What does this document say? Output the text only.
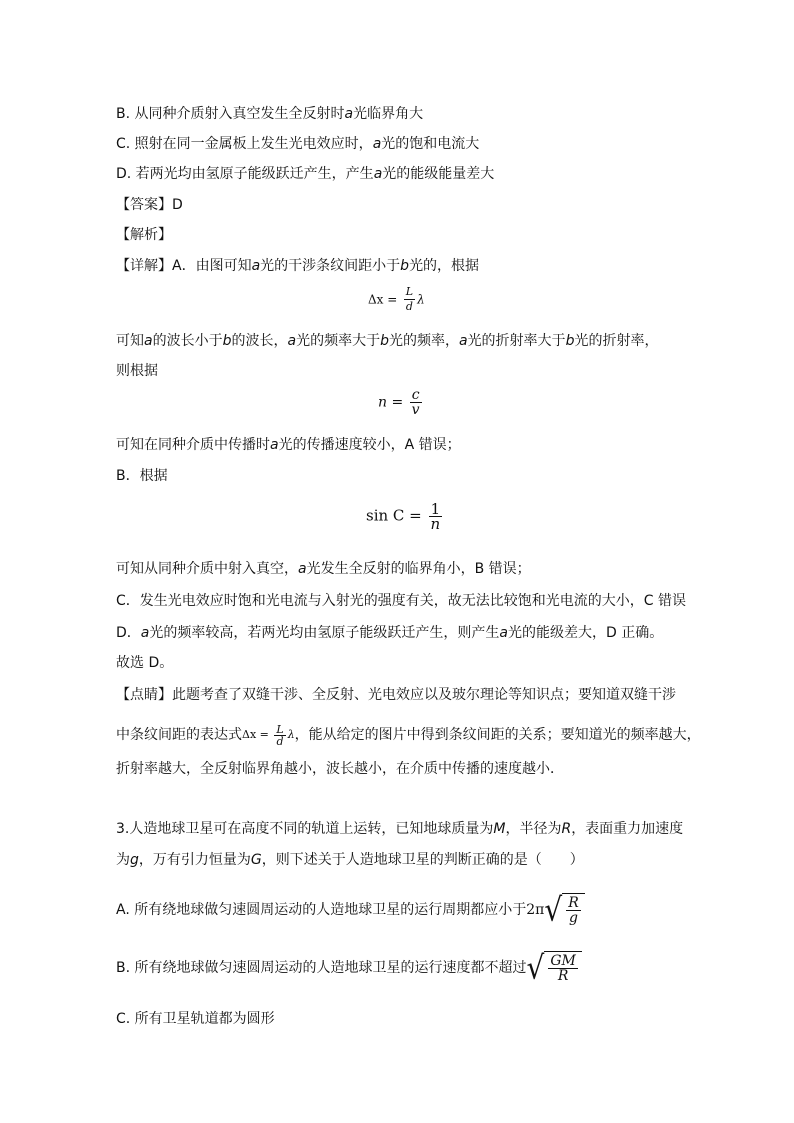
B. 从同种介质射入真空发生全反射时a光临界角大
C. 照射在同一金属板上发生光电效应时，a光的饱和电流大
D. 若两光均由氢原子能级跃迁产生，产生a光的能级能量差大
【答案】D
【解析】
【详解】A．由图可知a光的干涉条纹间距小于b光的，根据
$\Delta x = \frac{L}{d}$ λ
可知a的波长小于b的波长，a光的频率大于b光的频率，a光的折射率大于b光的折射率，
则根据
$n = \frac{c}{v}$
可知在同种介质中传播时a光的传播速度较小，A 错误；
B．根据
$\sin C = \frac{1}{n}$
可知从同种介质中射入真空，a光发生全反射的临界角小，B 错误；
C．发生光电效应时饱和光电流与入射光的强度有关，故无法比较饱和光电流的大小，C 错误
D．a光的频率较高，若两光均由氢原子能级跃迁产生，则产生a光的能级差大，D 正确。
故选 D。
【点睛】此题考查了双缝干涉、全反射、光电效应以及玻尔理论等知识点；要知道双缝干涉
中条纹间距的表达式$\Delta x = \frac{L}{d}$ λ，能从给定的图片中得到条纹间距的关系；要知道光的频率越大，
折射率越大，全反射临界角越小，波长越小，在介质中传播的速度越小．
3.人造地球卫星可在高度不同的轨道上运转，已知地球质量为M，半径为R，表面重力加速度
为g，万有引力恒量为G，则下述关于人造地球卫星的判断正确的是（　　）
A. 所有绕地球做匀速圆周运动的人造地球卫星的运行周期都应小于 2π √ $\frac{R}{g}$
B. 所有绕地球做匀速圆周运动的人造地球卫星的运行速度都不超过 √ $\frac{GM}{R}$
C. 所有卫星轨道都为圆形
